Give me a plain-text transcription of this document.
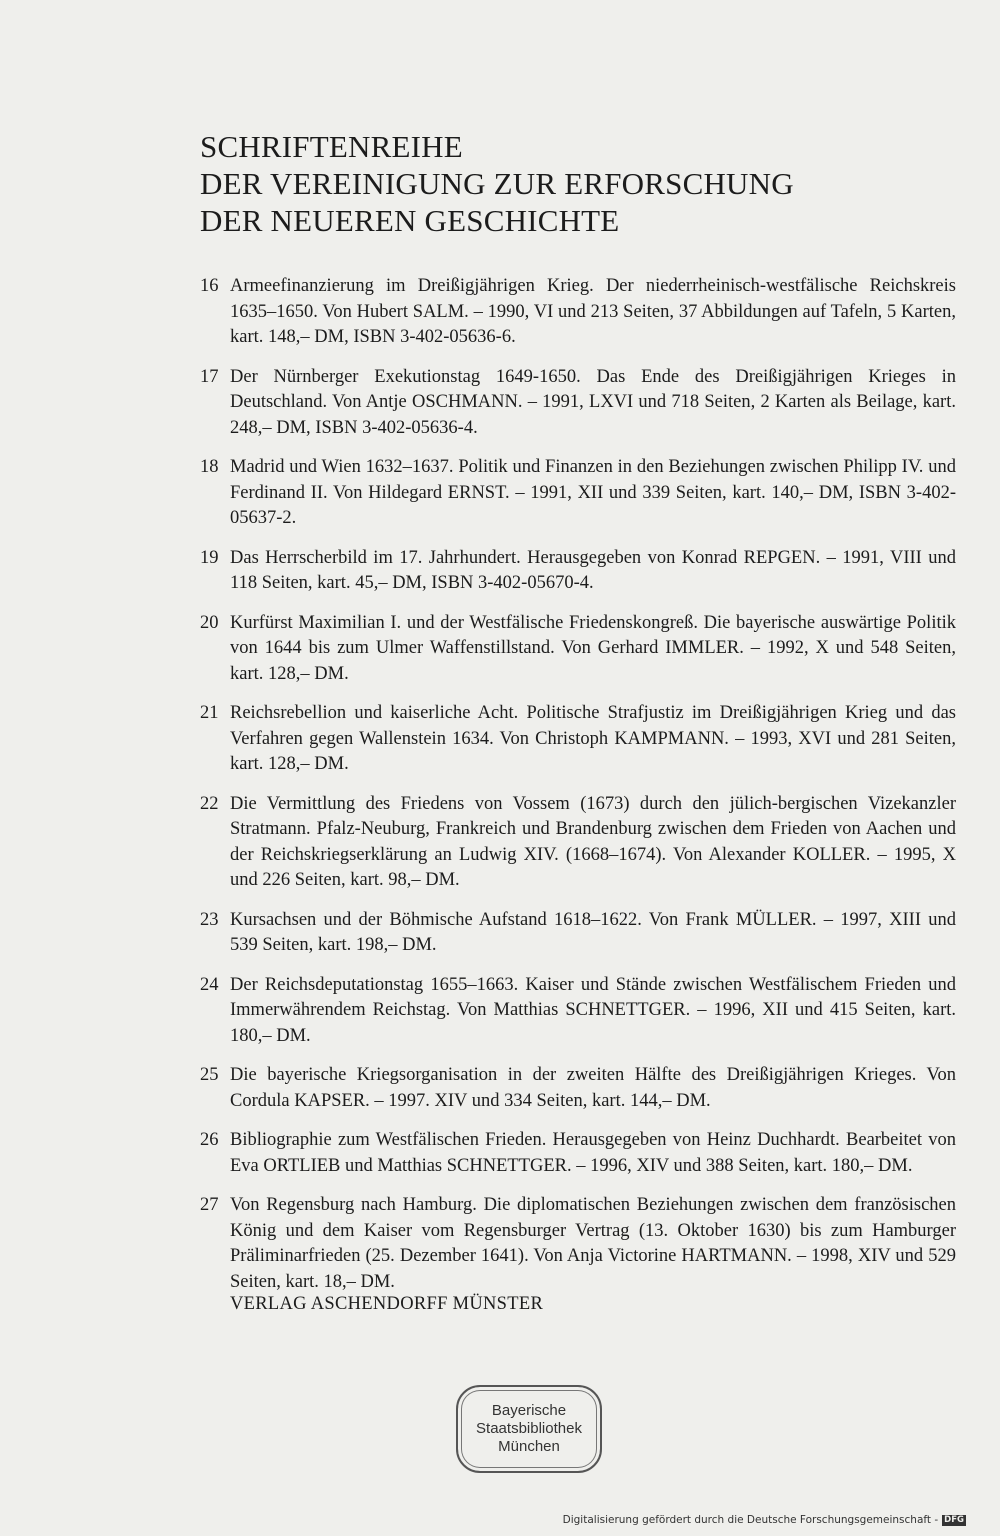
SCHRIFTENREIHE
DER VEREINIGUNG ZUR ERFORSCHUNG
DER NEUEREN GESCHICHTE
16 Armeefinanzierung im Dreißigjährigen Krieg. Der niederrheinisch-westfälische Reichskreis 1635–1650. Von Hubert SALM. – 1990, VI und 213 Seiten, 37 Abbildungen auf Tafeln, 5 Karten, kart. 148,– DM, ISBN 3-402-05636-6.
17 Der Nürnberger Exekutionstag 1649-1650. Das Ende des Dreißigjährigen Krieges in Deutschland. Von Antje OSCHMANN. – 1991, LXVI und 718 Seiten, 2 Karten als Beilage, kart. 248,– DM, ISBN 3-402-05636-4.
18 Madrid und Wien 1632–1637. Politik und Finanzen in den Beziehungen zwischen Philipp IV. und Ferdinand II. Von Hildegard ERNST. – 1991, XII und 339 Seiten, kart. 140,– DM, ISBN 3-402-05637-2.
19 Das Herrscherbild im 17. Jahrhundert. Herausgegeben von Konrad REPGEN. – 1991, VIII und 118 Seiten, kart. 45,– DM, ISBN 3-402-05670-4.
20 Kurfürst Maximilian I. und der Westfälische Friedenskongreß. Die bayerische auswärtige Politik von 1644 bis zum Ulmer Waffenstillstand. Von Gerhard IMMLER. – 1992, X und 548 Seiten, kart. 128,– DM.
21 Reichsrebellion und kaiserliche Acht. Politische Strafjustiz im Dreißigjährigen Krieg und das Verfahren gegen Wallenstein 1634. Von Christoph KAMPMANN. – 1993, XVI und 281 Seiten, kart. 128,– DM.
22 Die Vermittlung des Friedens von Vossem (1673) durch den jülich-bergischen Vizekanzler Stratmann. Pfalz-Neuburg, Frankreich und Brandenburg zwischen dem Frieden von Aachen und der Reichskriegserklärung an Ludwig XIV. (1668–1674). Von Alexander KOLLER. – 1995, X und 226 Seiten, kart. 98,– DM.
23 Kursachsen und der Böhmische Aufstand 1618–1622. Von Frank MÜLLER. – 1997, XIII und 539 Seiten, kart. 198,– DM.
24 Der Reichsdeputationstag 1655–1663. Kaiser und Stände zwischen Westfälischem Frieden und Immerwährendem Reichstag. Von Matthias SCHNETTGER. – 1996, XII und 415 Seiten, kart. 180,– DM.
25 Die bayerische Kriegsorganisation in der zweiten Hälfte des Dreißigjährigen Krieges. Von Cordula KAPSER. – 1997. XIV und 334 Seiten, kart. 144,– DM.
26 Bibliographie zum Westfälischen Frieden. Herausgegeben von Heinz Duchhardt. Bearbeitet von Eva ORTLIEB und Matthias SCHNETTGER. – 1996, XIV und 388 Seiten, kart. 180,– DM.
27 Von Regensburg nach Hamburg. Die diplomatischen Beziehungen zwischen dem französischen König und dem Kaiser vom Regensburger Vertrag (13. Oktober 1630) bis zum Hamburger Präliminarfrieden (25. Dezember 1641). Von Anja Victorine HARTMANN. – 1998, XIV und 529 Seiten, kart. 18,– DM.
VERLAG ASCHENDORFF MÜNSTER
Bayerische
Staatsbibliothek
München
Digitalisierung gefördert durch die Deutsche Forschungsgemeinschaft - DFG
